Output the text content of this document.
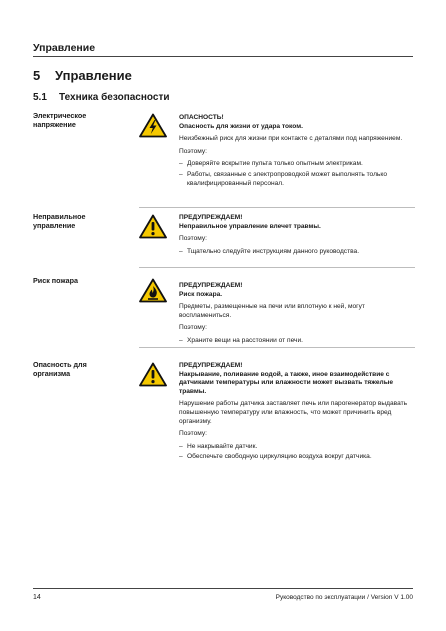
Управление
5 Управление
5.1 Техника безопасности
Электрическое напряжение
ОПАСНОСТЬ!
Опасность для жизни от удара током.

Неизбежный риск для жизни при контакте с деталями под напряжением.

Поэтому:

– Доверяйте вскрытие пульта только опытным электрикам.
– Работы, связанные с электропроводкой может выполнять только квалифицированный персонал.
Неправильное управление
ПРЕДУПРЕЖДАЕМ!
Неправильное управление влечет травмы.

Поэтому:

– Тщательно следуйте инструкциям данного руководства.
Риск пожара
ПРЕДУПРЕЖДАЕМ!
Риск пожара.

Предметы, размещенные на печи или вплотную к ней, могут воспламениться.

Поэтому:

– Храните вещи на расстоянии от печи.
Опасность для организма
ПРЕДУПРЕЖДАЕМ!
Накрывание, поливание водой, а также, иное взаимодействие с датчиками температуры или влажности может вызвать тяжелые травмы.

Нарушение работы датчика заставляет печь или парогенератор выдавать повышенную температуру или влажность, что может причинить вред организму.

Поэтому:

– Не накрывайте датчик.
– Обеспечьте свободную циркуляцию воздуха вокруг датчика.
14	Руководство по эксплуатации / Version V 1.00
